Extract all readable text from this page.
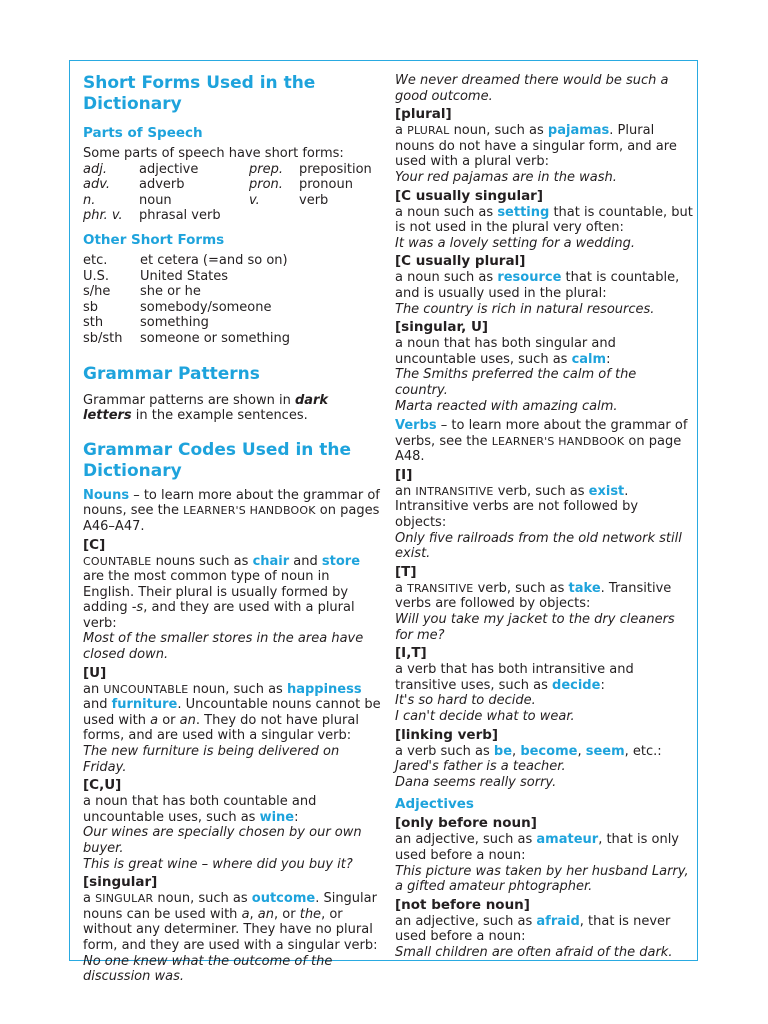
Short Forms Used in the Dictionary
Parts of Speech
Some parts of speech have short forms:
adj.	adjective	prep.	preposition
adv.	adverb	pron.	pronoun
n.	noun	v.	verb
phr. v.	phrasal verb
Other Short Forms
etc.	et cetera (=and so on)
U.S.	United States
s/he	she or he
sb	somebody/someone
sth	something
sb/sth	someone or something
Grammar Patterns
Grammar patterns are shown in dark letters in the example sentences.
Grammar Codes Used in the Dictionary
Nouns – to learn more about the grammar of nouns, see the LEARNER'S HANDBOOK on pages A46–A47.
[C]
COUNTABLE nouns such as chair and store are the most common type of noun in English. Their plural is usually formed by adding -s, and they are used with a plural verb:
Most of the smaller stores in the area have closed down.
[U]
an UNCOUNTABLE noun, such as happiness and furniture. Uncountable nouns cannot be used with a or an. They do not have plural forms, and are used with a singular verb:
The new furniture is being delivered on Friday.
[C,U]
a noun that has both countable and uncountable uses, such as wine:
Our wines are specially chosen by our own buyer.
This is great wine – where did you buy it?
[singular]
a SINGULAR noun, such as outcome. Singular nouns can be used with a, an, or the, or without any determiner. They have no plural form, and they are used with a singular verb:
No one knew what the outcome of the discussion was.
We never dreamed there would be such a good outcome.
[plural]
a PLURAL noun, such as pajamas. Plural nouns do not have a singular form, and are used with a plural verb:
Your red pajamas are in the wash.
[C usually singular]
a noun such as setting that is countable, but is not used in the plural very often:
It was a lovely setting for a wedding.
[C usually plural]
a noun such as resource that is countable, and is usually used in the plural:
The country is rich in natural resources.
[singular, U]
a noun that has both singular and uncountable uses, such as calm:
The Smiths preferred the calm of the country.
Marta reacted with amazing calm.
Verbs – to learn more about the grammar of verbs, see the LEARNER'S HANDBOOK on page A48.
[I]
an INTRANSITIVE verb, such as exist. Intransitive verbs are not followed by objects:
Only five railroads from the old network still exist.
[T]
a TRANSITIVE verb, such as take. Transitive verbs are followed by objects:
Will you take my jacket to the dry cleaners for me?
[I,T]
a verb that has both intransitive and transitive uses, such as decide:
It's so hard to decide.
I can't decide what to wear.
[linking verb]
a verb such as be, become, seem, etc.:
Jared's father is a teacher.
Dana seems really sorry.
Adjectives
[only before noun]
an adjective, such as amateur, that is only used before a noun:
This picture was taken by her husband Larry, a gifted amateur phtographer.
[not before noun]
an adjective, such as afraid, that is never used before a noun:
Small children are often afraid of the dark.
